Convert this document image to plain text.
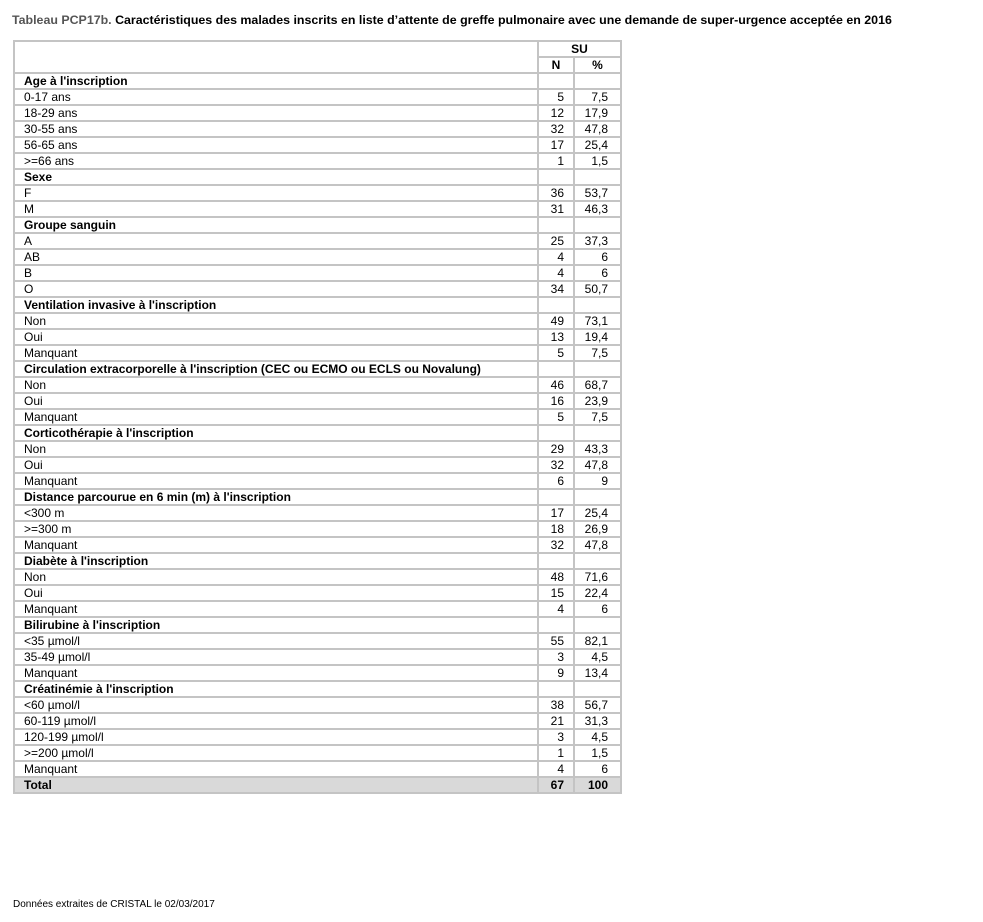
Tableau PCP17b. Caractéristiques des malades inscrits en liste d’attente de greffe pulmonaire avec une demande de super-urgence acceptée en 2016
	SU	
	N	%
Age à l'inscription		
0-17 ans	5	7,5
18-29 ans	12	17,9
30-55 ans	32	47,8
56-65 ans	17	25,4
>=66 ans	1	1,5
Sexe		
F	36	53,7
M	31	46,3
Groupe sanguin		
A	25	37,3
AB	4	6
B	4	6
O	34	50,7
Ventilation invasive à l'inscription		
Non	49	73,1
Oui	13	19,4
Manquant	5	7,5
Circulation extracorporelle à l'inscription (CEC ou ECMO ou ECLS ou Novalung)		
Non	46	68,7
Oui	16	23,9
Manquant	5	7,5
Corticothérapie à l'inscription		
Non	29	43,3
Oui	32	47,8
Manquant	6	9
Distance parcourue en 6 min (m) à l'inscription		
<300 m	17	25,4
>=300 m	18	26,9
Manquant	32	47,8
Diabète à l'inscription		
Non	48	71,6
Oui	15	22,4
Manquant	4	6
Bilirubine à l'inscription		
<35 µmol/l	55	82,1
35-49 µmol/l	3	4,5
Manquant	9	13,4
Créatinémie à l'inscription		
<60 µmol/l	38	56,7
60-119 µmol/l	21	31,3
120-199 µmol/l	3	4,5
>=200 µmol/l	1	1,5
Manquant	4	6
Total	67	100
Données extraites de CRISTAL le 02/03/2017
